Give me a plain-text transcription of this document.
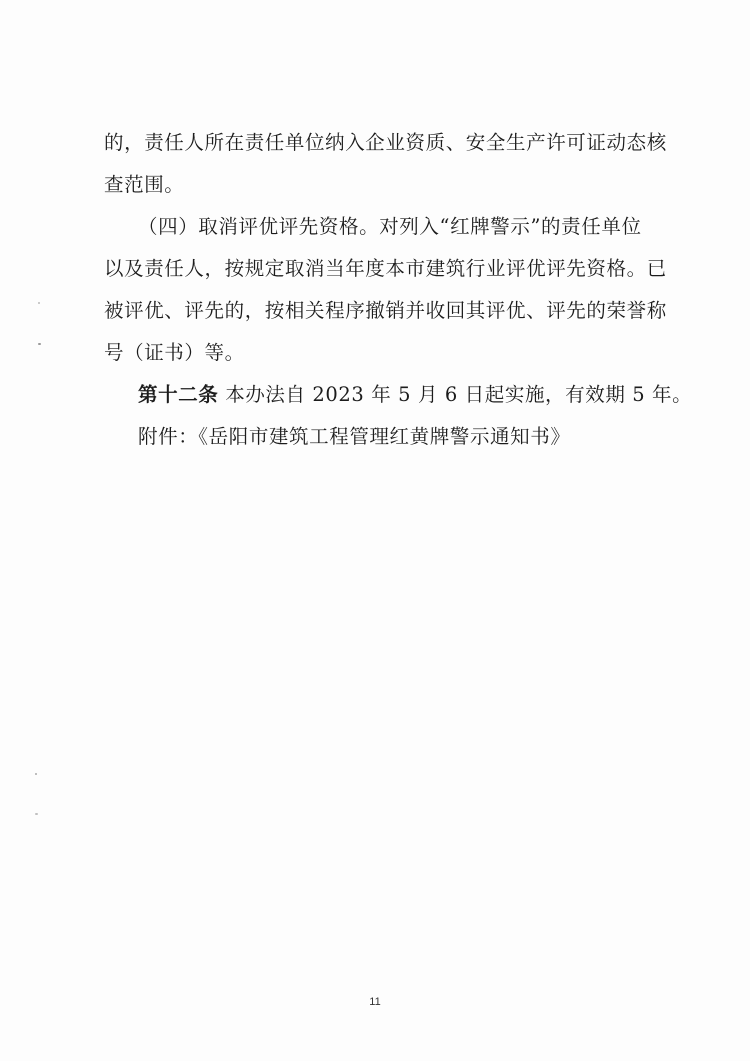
的，责任人所在责任单位纳入企业资质、安全生产许可证动态核
查范围。
（四）取消评优评先资格。对列入“红牌警示”的责任单位
以及责任人，按规定取消当年度本市建筑行业评优评先资格。已
被评优、评先的，按相关程序撤销并收回其评优、评先的荣誉称
号（证书）等。
第十二条 本办法自 2023 年 5 月 6 日起实施，有效期 5 年。
附件：《岳阳市建筑工程管理红黄牌警示通知书》
11
